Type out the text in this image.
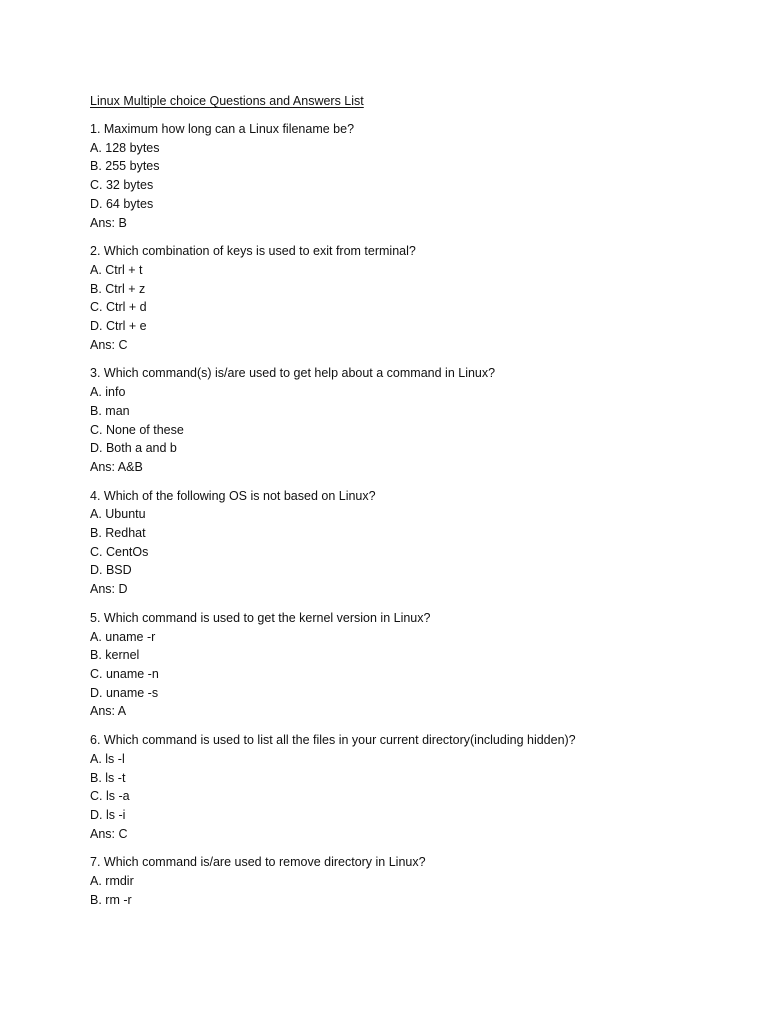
Linux Multiple choice Questions and Answers List
1. Maximum how long can a Linux filename be?
A. 128 bytes
B. 255 bytes
C. 32 bytes
D. 64 bytes
Ans: B
2. Which combination of keys is used to exit from terminal?
A. Ctrl + t
B. Ctrl + z
C. Ctrl + d
D. Ctrl + e
Ans: C
3. Which command(s) is/are used to get help about a command in Linux?
A. info
B. man
C. None of these
D. Both a and b
Ans: A&B
4. Which of the following OS is not based on Linux?
A. Ubuntu
B. Redhat
C. CentOs
D. BSD
Ans: D
5. Which command is used to get the kernel version in Linux?
A. uname -r
B. kernel
C. uname -n
D. uname -s
Ans: A
6. Which command is used to list all the files in your current directory(including hidden)?
A. ls -l
B. ls -t
C. ls -a
D. ls -i
Ans: C
7. Which command is/are used to remove directory in Linux?
A. rmdir
B. rm -r
